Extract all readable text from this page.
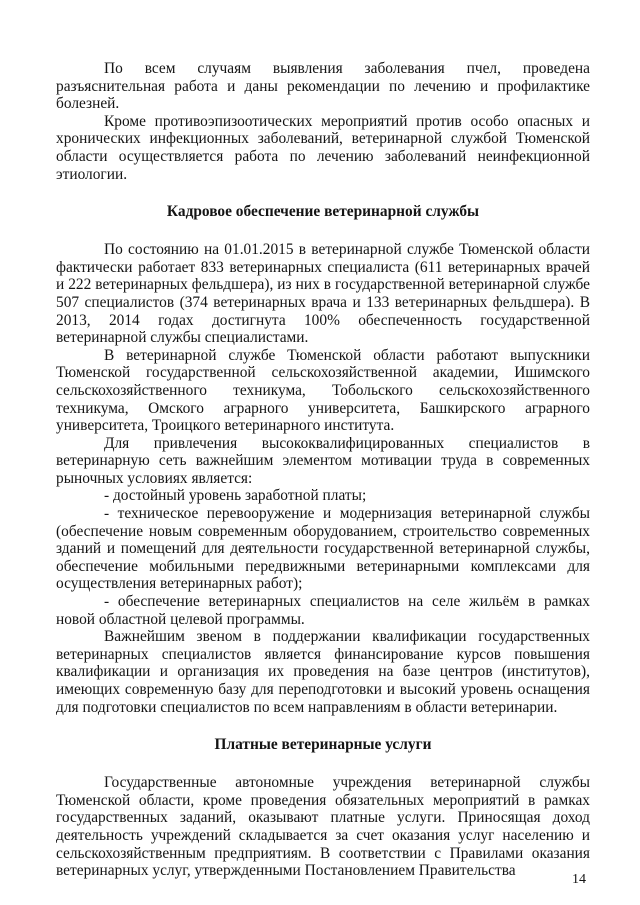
По всем случаям выявления заболевания пчел, проведена разъяснительная работа и даны рекомендации по лечению и профилактике болезней.

Кроме противоэпизоотических мероприятий против особо опасных и хронических инфекционных заболеваний, ветеринарной службой Тюменской области осуществляется работа по лечению заболеваний неинфекционной этиологии.

Кадровое обеспечение ветеринарной службы

По состоянию на 01.01.2015 в ветеринарной службе Тюменской области фактически работает 833 ветеринарных специалиста (611 ветеринарных врачей и 222 ветеринарных фельдшера), из них в государственной ветеринарной службе 507 специалистов (374 ветеринарных врача и 133 ветеринарных фельдшера). В 2013, 2014 годах достигнута 100% обеспеченность государственной ветеринарной службы специалистами.

В ветеринарной службе Тюменской области работают выпускники Тюменской государственной сельскохозяйственной академии, Ишимского сельскохозяйственного техникума, Тобольского сельскохозяйственного техникума, Омского аграрного университета, Башкирского аграрного университета, Троицкого ветеринарного института.

Для привлечения высококвалифицированных специалистов в ветеринарную сеть важнейшим элементом мотивации труда в современных рыночных условиях является:

- достойный уровень заработной платы;

- техническое перевооружение и модернизация ветеринарной службы (обеспечение новым современным оборудованием, строительство современных зданий и помещений для деятельности государственной ветеринарной службы, обеспечение мобильными передвижными ветеринарными комплексами для осуществления ветеринарных работ);

- обеспечение ветеринарных специалистов на селе жильём в рамках новой областной целевой программы.

Важнейшим звеном в поддержании квалификации государственных ветеринарных специалистов является финансирование курсов повышения квалификации и организация их проведения на базе центров (институтов), имеющих современную базу для переподготовки и высокий уровень оснащения для подготовки специалистов по всем направлениям в области ветеринарии.

Платные ветеринарные услуги

Государственные автономные учреждения ветеринарной службы Тюменской области, кроме проведения обязательных мероприятий в рамках государственных заданий, оказывают платные услуги. Приносящая доход деятельность учреждений складывается за счет оказания услуг населению и сельскохозяйственным предприятиям. В соответствии с Правилами оказания ветеринарных услуг, утвержденными Постановлением Правительства

14
